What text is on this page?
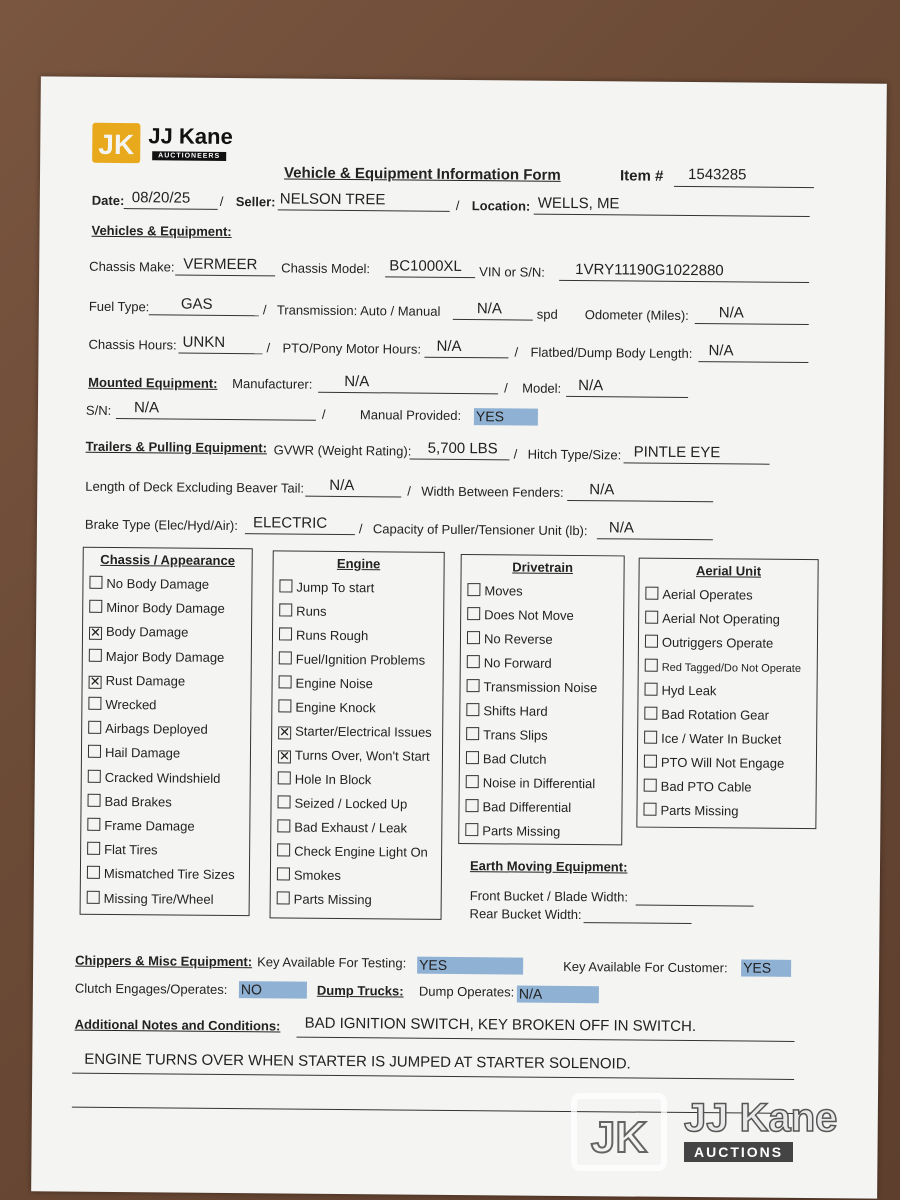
JK JJ Kane
AUCTIONEERS
Vehicle & Equipment Information Form	Item # 1543285
Date: 08/20/25 / Seller: NELSON TREE	/ Location: WELLS, ME
Vehicles & Equipment:
Chassis Make: VERMEER Chassis Model: BC1000XL VIN or S/N: 1VRY11190G1022880
Fuel Type: GAS	/ Transmission: Auto / Manual N/A	spd Odometer (Miles): N/A
Chassis Hours: UNKN	/ PTO/Pony Motor Hours: N/A	/ Flatbed/Dump Body Length: N/A
Mounted Equipment: Manufacturer: N/A	/ Model: N/A
S/N: N/A	/	Manual Provided: YES
Trailers & Pulling Equipment: GVWR (Weight Rating): 5,700 LBS / Hitch Type/Size: PINTLE EYE
Length of Deck Excluding Beaver Tail: N/A	/ Width Between Fenders: N/A
Brake Type (Elec/Hyd/Air): ELECTRIC / Capacity of Puller/Tensioner Unit (lb): N/A
Chassis / Appearance
No Body Damage
Minor Body Damage
✕ Body Damage
Major Body Damage
✕ Rust Damage
Wrecked
Airbags Deployed
Hail Damage
Cracked Windshield
Bad Brakes
Frame Damage
Flat Tires
Mismatched Tire Sizes
Missing Tire/Wheel
Engine
Jump To start
Runs
Runs Rough
Fuel/Ignition Problems
Engine Noise
Engine Knock
✕ Starter/Electrical Issues
✕ Turns Over, Won't Start
Hole In Block
Seized / Locked Up
Bad Exhaust / Leak
Check Engine Light On
Smokes
Parts Missing
Drivetrain
Moves
Does Not Move
No Reverse
No Forward
Transmission Noise
Shifts Hard
Trans Slips
Bad Clutch
Noise in Differential
Bad Differential
Parts Missing
Aerial Unit
Aerial Operates
Aerial Not Operating
Outriggers Operate
Red Tagged/Do Not Operate
Hyd Leak
Bad Rotation Gear
Ice / Water In Bucket
PTO Will Not Engage
Bad PTO Cable
Parts Missing
Earth Moving Equipment:
Front Bucket / Blade Width:
Rear Bucket Width:
Chippers & Misc Equipment: Key Available For Testing: YES	Key Available For Customer: YES
Clutch Engages/Operates: NO	Dump Trucks: Dump Operates: N/A
Additional Notes and Conditions: BAD IGNITION SWITCH, KEY BROKEN OFF IN SWITCH.
ENGINE TURNS OVER WHEN STARTER IS JUMPED AT STARTER SOLENOID.
JK JJ Kane
AUCTIONS
